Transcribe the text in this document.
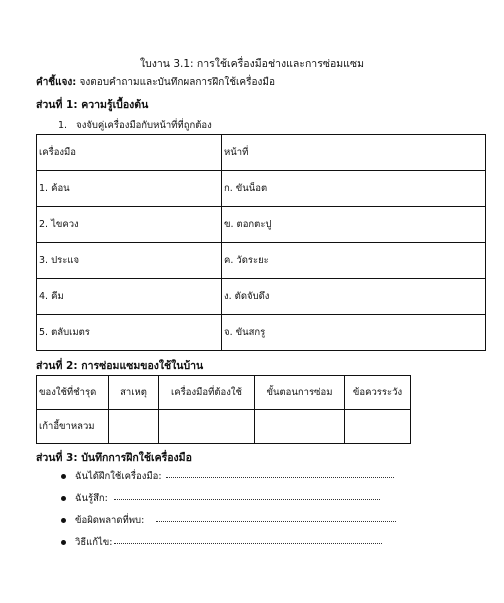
ใบงาน 3.1: การใช้เครื่องมือช่างและการซ่อมแซม
คำชี้แจง: จงตอบคำถามและบันทึกผลการฝึกใช้เครื่องมือ
ส่วนที่ 1: ความรู้เบื้องต้น
1.   จงจับคู่เครื่องมือกับหน้าที่ที่ถูกต้อง
เครื่องมือ	หน้าที่
1. ค้อน	ก. ขันน็อต
2. ไขควง	ข. ตอกตะปู
3. ประแจ	ค. วัดระยะ
4. คีม	ง. ตัดจับดึง
5. ตลับเมตร	จ. ขันสกรู
ส่วนที่ 2: การซ่อมแซมของใช้ในบ้าน
ของใช้ที่ชำรุด	สาเหตุ	เครื่องมือที่ต้องใช้	ขั้นตอนการซ่อม	ข้อควรระวัง
เก้าอี้ขาหลวม				
ส่วนที่ 3: บันทึกการฝึกใช้เครื่องมือ
ฉันได้ฝึกใช้เครื่องมือ:
ฉันรู้สึก:
ข้อผิดพลาดที่พบ:
วิธีแก้ไข:
